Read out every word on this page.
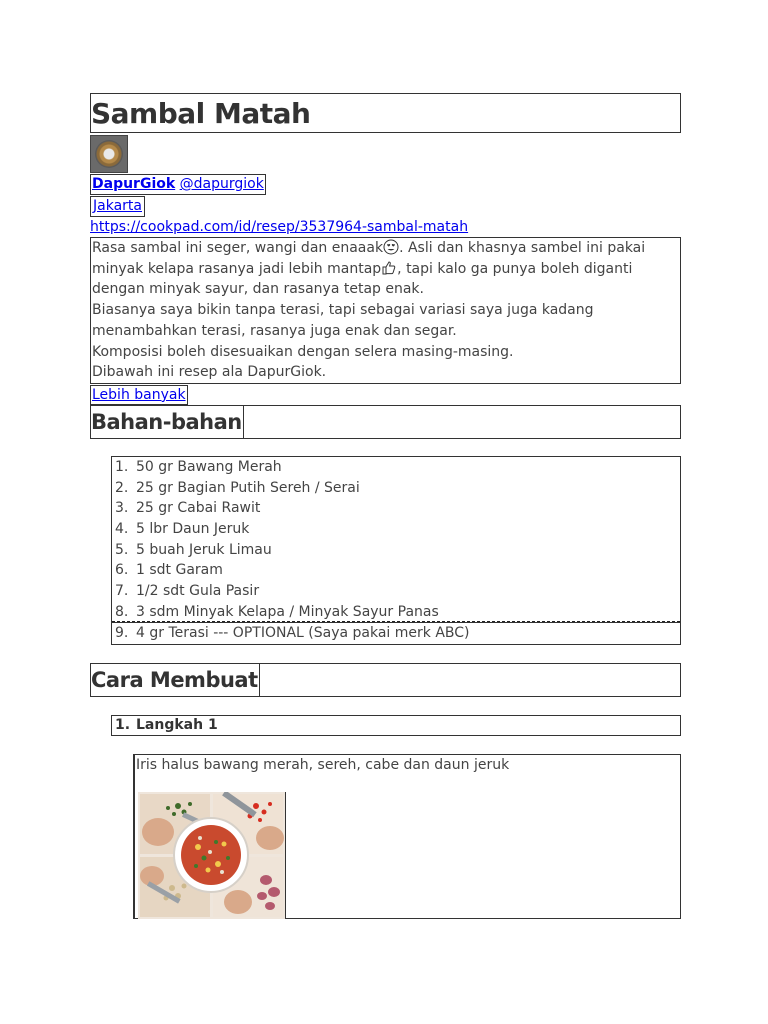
Sambal Matah
DapurGiok @dapurgiok
Jakarta
https://cookpad.com/id/resep/3537964-sambal-matah

Rasa sambal ini seger, wangi dan enaaak . Asli dan khasnya sambel ini pakai minyak kelapa rasanya jadi lebih mantap , tapi kalo ga punya boleh diganti dengan minyak sayur, dan rasanya tetap enak.

Biasanya saya bikin tanpa terasi, tapi sebagai variasi saya juga kadang menambahkan terasi, rasanya juga enak dan segar.

Komposisi boleh disesuaikan dengan selera masing-masing.

Dibawah ini resep ala DapurGiok.

Lebih banyak
Bahan-bahan
1. 50 gr Bawang Merah
2. 25 gr Bagian Putih Sereh / Serai
3. 25 gr Cabai Rawit
4. 5 lbr Daun Jeruk
5. 5 buah Jeruk Limau
6. 1 sdt Garam
7. 1/2 sdt Gula Pasir
8. 3 sdm Minyak Kelapa / Minyak Sayur Panas
9. 4 gr Terasi --- OPTIONAL (Saya pakai merk ABC)
Cara Membuat
1. Langkah 1
Iris halus bawang merah, sereh, cabe dan daun jeruk
